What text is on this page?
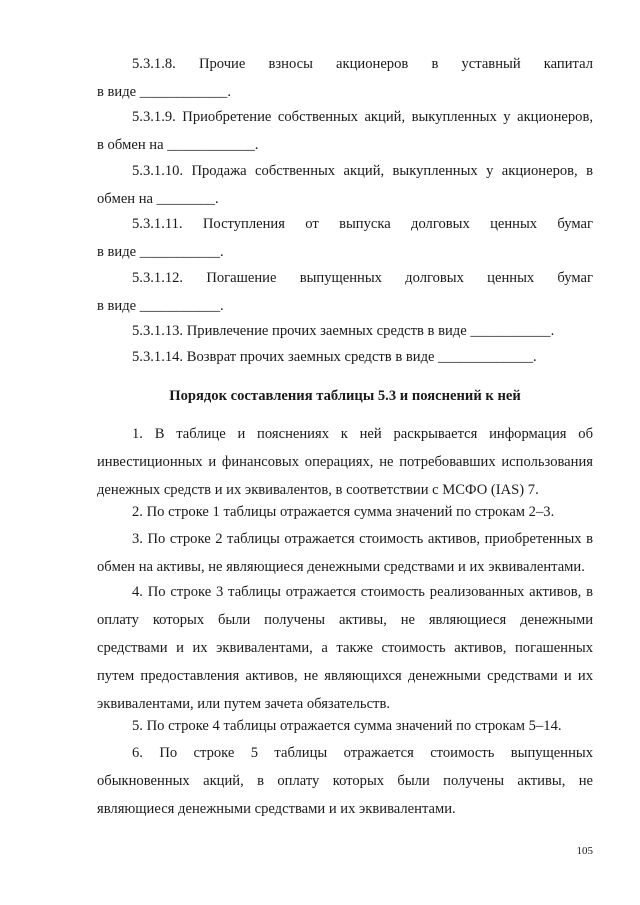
5.3.1.8. Прочие взносы акционеров в уставный капитал
в виде ____________.

5.3.1.9. Приобретение собственных акций, выкупленных у акционеров,
в обмен на ____________.

5.3.1.10. Продажа собственных акций, выкупленных у акционеров, в
обмен на ________.

5.3.1.11. Поступления от выпуска долговых ценных бумаг
в виде ___________.

5.3.1.12. Погашение выпущенных долговых ценных бумаг
в виде ___________.

5.3.1.13. Привлечение прочих заемных средств в виде ___________.

5.3.1.14. Возврат прочих заемных средств в виде _____________.

Порядок составления таблицы 5.3 и пояснений к ней

1. В таблице и пояснениях к ней раскрывается информация об
инвестиционных и финансовых операциях, не потребовавших использования
денежных средств и их эквивалентов, в соответствии с МСФО (IAS) 7.

2. По строке 1 таблицы отражается сумма значений по строкам 2–3.

3. По строке 2 таблицы отражается стоимость активов, приобретенных в
обмен на активы, не являющиеся денежными средствами и их эквивалентами.

4. По строке 3 таблицы отражается стоимость реализованных активов, в
оплату которых были получены активы, не являющиеся денежными
средствами и их эквивалентами, а также стоимость активов, погашенных
путем предоставления активов, не являющихся денежными средствами и их
эквивалентами, или путем зачета обязательств.

5. По строке 4 таблицы отражается сумма значений по строкам 5–14.

6. По строке 5 таблицы отражается стоимость выпущенных
обыкновенных акций, в оплату которых были получены активы, не
являющиеся денежными средствами и их эквивалентами.

105
